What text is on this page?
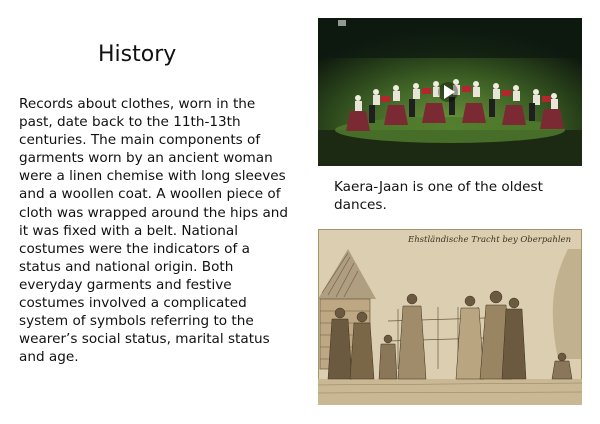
History

Records about clothes, worn in the past, date back to the 11th-13th centuries. The main components of garments worn by an ancient woman were a linen chemise with long sleeves and a woollen coat. A woollen piece of cloth was wrapped around the hips and it was fixed with a belt. National costumes were the indicators of a status and national origin. Both everyday garments and festive costumes involved a complicated system of symbols referring to the wearer’s social status, marital status and age.

Kaera-Jaan is one of the oldest dances.

Ehstländische Tracht bey Oberpahlen
